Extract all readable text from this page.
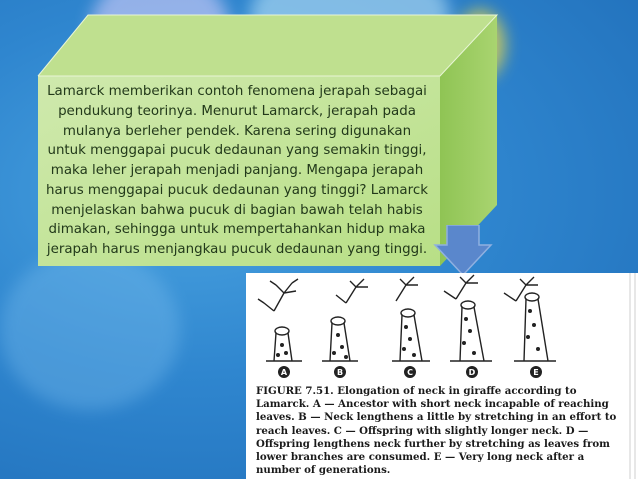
Lamarck memberikan contoh fenomena jerapah sebagai pendukung teorinya. Menurut Lamarck, jerapah pada mulanya berleher pendek. Karena sering digunakan untuk menggapai pucuk dedaunan yang semakin tinggi, maka leher jerapah menjadi panjang. Mengapa jerapah harus menggapai pucuk dedaunan yang tinggi? Lamarck menjelaskan bahwa pucuk di bagian bawah telah habis dimakan, sehingga untuk mempertahankan hidup maka jerapah harus menjangkau pucuk dedaunan yang tinggi.
A	B	C	D	E
FIGURE 7.51. Elongation of neck in giraffe according to Lamarck. A — Ancestor with short neck incapable of reaching leaves. B — Neck lengthens a little by stretching in an effort to reach leaves. C — Offspring with slightly longer neck. D — Offspring lengthens neck further by stretching as leaves from lower branches are consumed. E — Very long neck after a number of generations.
